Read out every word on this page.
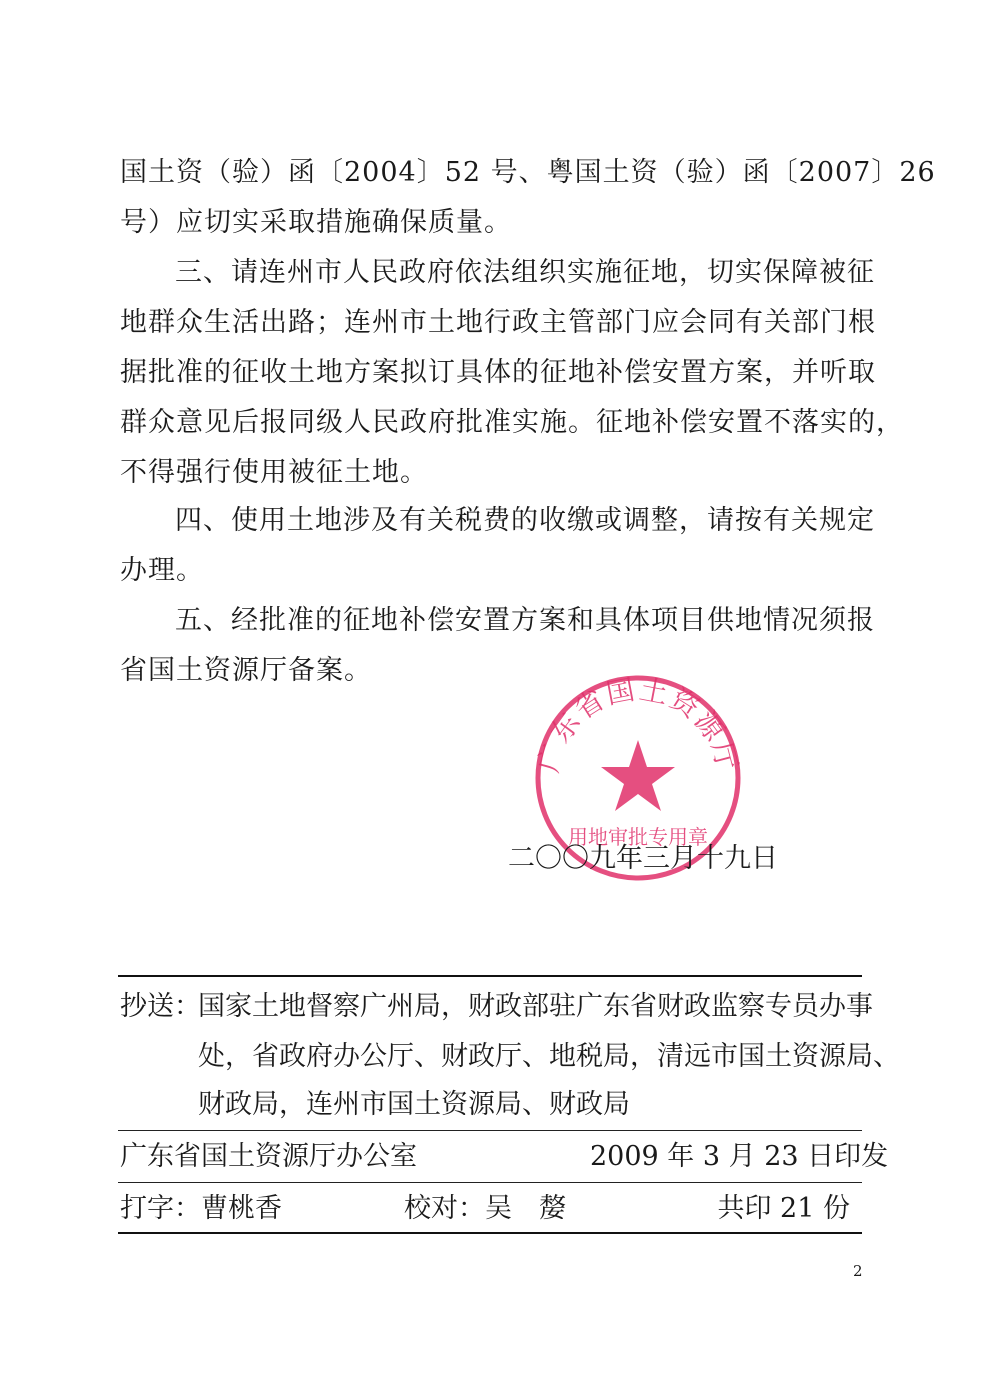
国土资（验）函〔2004〕52 号、粤国土资（验）函〔2007〕26
号）应切实采取措施确保质量。
三、请连州市人民政府依法组织实施征地，切实保障被征
地群众生活出路；连州市土地行政主管部门应会同有关部门根
据批准的征收土地方案拟订具体的征地补偿安置方案，并听取
群众意见后报同级人民政府批准实施。征地补偿安置不落实的，
不得强行使用被征土地。
四、使用土地涉及有关税费的收缴或调整，请按有关规定
办理。
五、经批准的征地补偿安置方案和具体项目供地情况须报
省国土资源厅备案。
广东省国土资源厅
用地审批专用章
二〇〇九年三月十九日
抄送：
国家土地督察广州局，财政部驻广东省财政监察专员办事
处，省政府办公厅、财政厅、地税局，清远市国土资源局、
财政局，连州市国土资源局、财政局
广东省国土资源厅办公室	2009 年 3 月 23 日印发
打字：曹桃香	校对：吴　嫠	共印 21 份
2
